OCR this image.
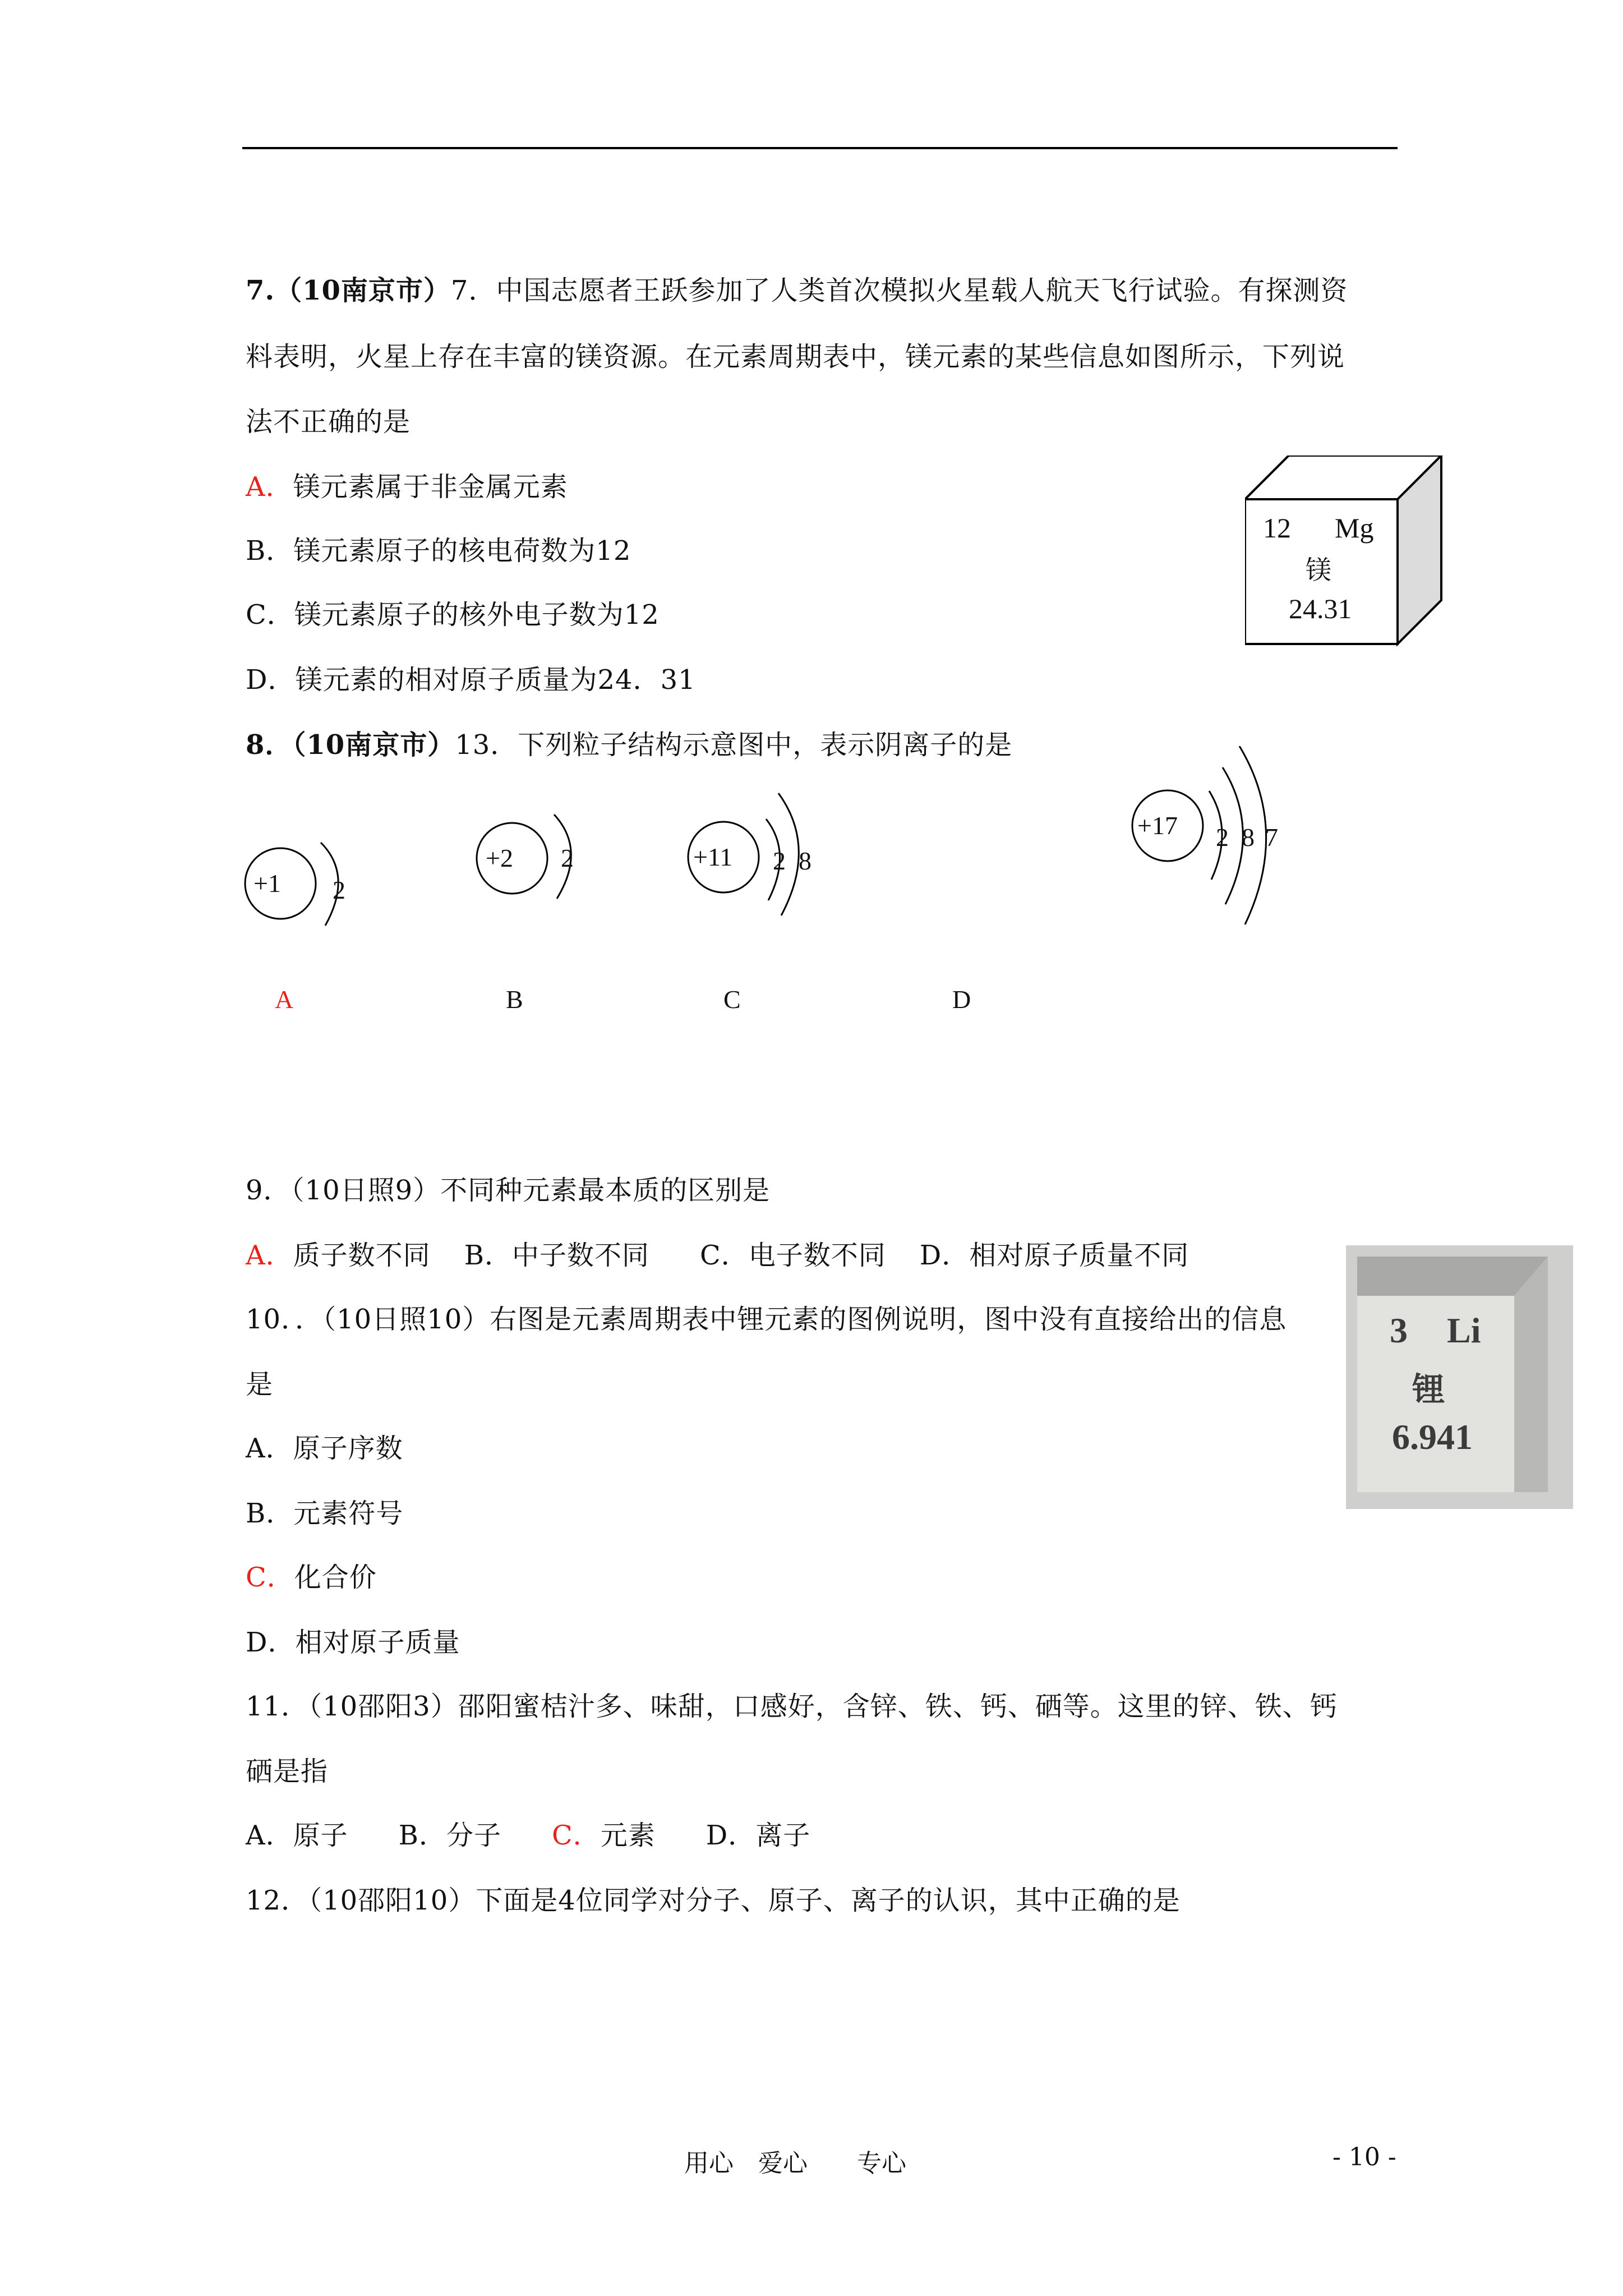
7.（10南京市）7．中国志愿者王跃参加了人类首次模拟火星载人航天飞行试验。有探测资
料表明，火星上存在丰富的镁资源。在元素周期表中，镁元素的某些信息如图所示，下列说
法不正确的是
A．镁元素属于非金属元素
B．镁元素原子的核电荷数为12
C．镁元素原子的核外电子数为12
D．镁元素的相对原子质量为24．31
12 Mg
镁
24.31
8．（10南京市）13．下列粒子结构示意图中，表示阴离子的是
+1 2
+2 2	+11 2 8
+17 2 8 7
A	B	C	D
9．（10日照9）不同种元素最本质的区别是
A．质子数不同 B．中子数不同 C．电子数不同 D．相对原子质量不同
10．．（10日照10）右图是元素周期表中锂元素的图例说明，图中没有直接给出的信息
是
A．原子序数
B．元素符号
C．化合价
D．相对原子质量
3 Li
锂
6.941
11．（10邵阳3）邵阳蜜桔汁多、味甜，口感好，含锌、铁、钙、硒等。这里的锌、铁、钙
硒是指
A．原子 B．分子 C．元素 D．离子
12．（10邵阳10）下面是4位同学对分子、原子、离子的认识，其中正确的是
用心　爱心　　专心	- 10 -
